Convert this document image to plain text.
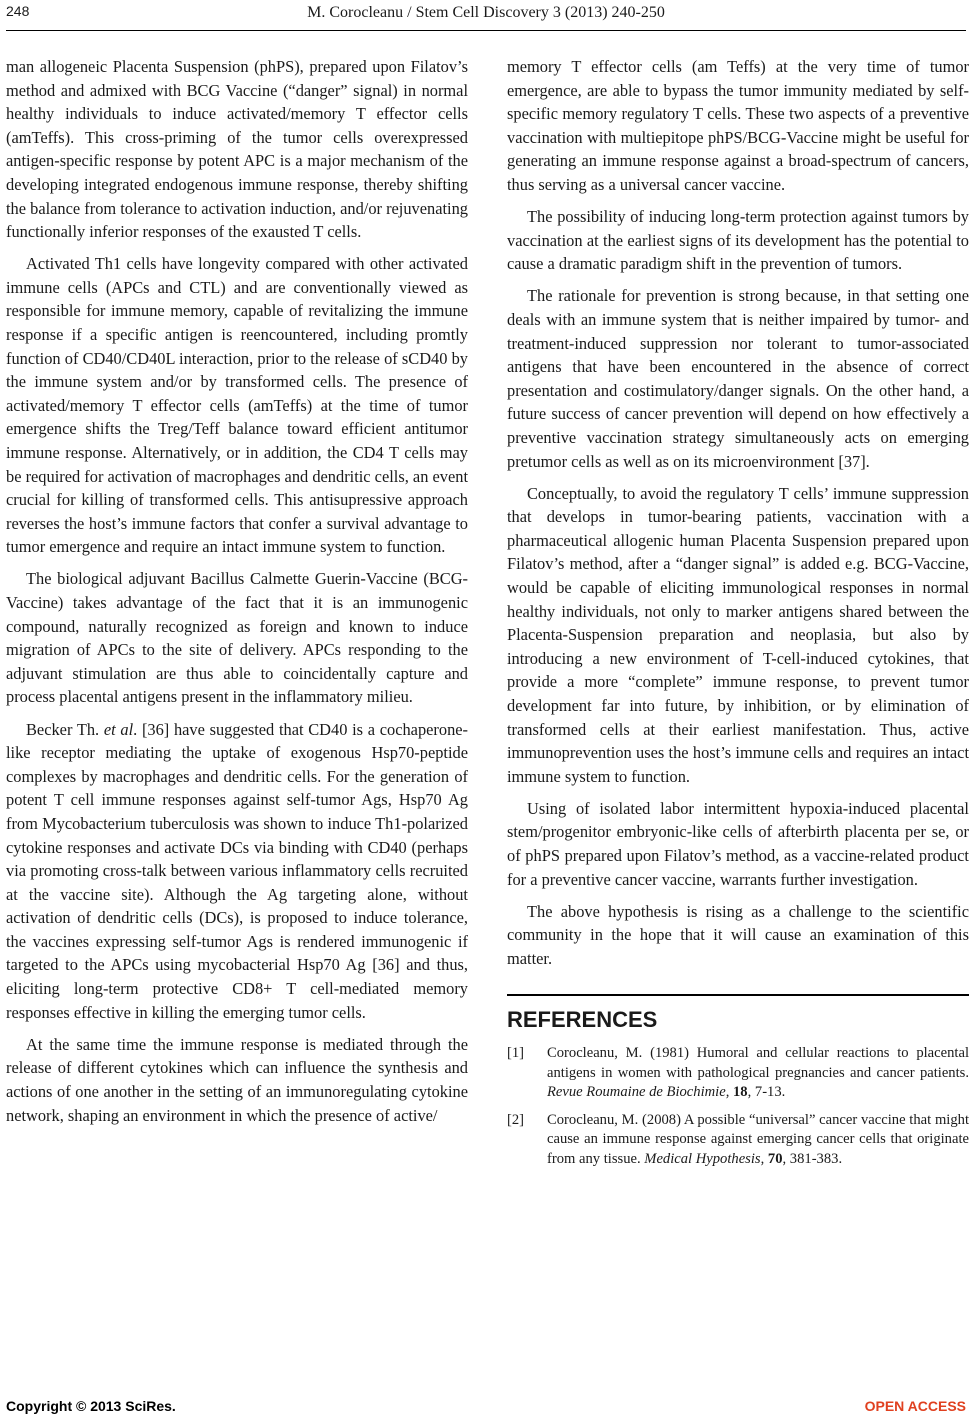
248	M. Corocleanu / Stem Cell Discovery 3 (2013) 240-250

man allogeneic Placenta Suspension (phPS), prepared upon Filatov’s method and admixed with BCG Vaccine (“danger” signal) in normal healthy individuals to induce activated/memory T effector cells (amTeffs). This cross-priming of the tumor cells overexpressed antigen-specific response by potent APC is a major mechanism of the developing integrated endogenous immune response, thereby shifting the balance from tolerance to activation induction, and/or rejuvenating functionally inferior responses of the exausted T cells.

Activated Th1 cells have longevity compared with other activated immune cells (APCs and CTL) and are conventionally viewed as responsible for immune memory, capable of revitalizing the immune response if a specific antigen is reencountered, including promtly function of CD40/CD40L interaction, prior to the release of sCD40 by the immune system and/or by transformed cells. The presence of activated/memory T effector cells (amTeffs) at the time of tumor emergence shifts the Treg/Teff balance toward efficient antitumor immune response. Alternatively, or in addition, the CD4 T cells may be required for activation of macrophages and dendritic cells, an event crucial for killing of transformed cells. This antisupressive approach reverses the host’s immune factors that confer a survival advantage to tumor emergence and require an intact immune system to function.

The biological adjuvant Bacillus Calmette Guerin-Vaccine (BCG-Vaccine) takes advantage of the fact that it is an immunogenic compound, naturally recognized as foreign and known to induce migration of APCs to the site of delivery. APCs responding to the adjuvant stimulation are thus able to coincidentally capture and process placental antigens present in the inflammatory milieu.

Becker Th. et al. [36] have suggested that CD40 is a cochaperone-like receptor mediating the uptake of exogenous Hsp70-peptide complexes by macrophages and dendritic cells. For the generation of potent T cell immune responses against self-tumor Ags, Hsp70 Ag from Mycobacterium tuberculosis was shown to induce Th1-polarized cytokine responses and activate DCs via binding with CD40 (perhaps via promoting cross-talk between various inflammatory cells recruited at the vaccine site). Although the Ag targeting alone, without activation of dendritic cells (DCs), is proposed to induce tolerance, the vaccines expressing self-tumor Ags is rendered immunogenic if targeted to the APCs using mycobacterial Hsp70 Ag [36] and thus, eliciting long-term protective CD8+ T cell-mediated memory responses effective in killing the emerging tumor cells.

At the same time the immune response is mediated through the release of different cytokines which can influence the synthesis and actions of one another in the setting of an immunoregulating cytokine network, shaping an environment in which the presence of active/

memory T effector cells (am Teffs) at the very time of tumor emergence, are able to bypass the tumor immunity mediated by self-specific memory regulatory T cells. These two aspects of a preventive vaccination with multiepitope phPS/BCG-Vaccine might be useful for generating an immune response against a broad-spectrum of cancers, thus serving as a universal cancer vaccine.

The possibility of inducing long-term protection against tumors by vaccination at the earliest signs of its development has the potential to cause a dramatic paradigm shift in the prevention of tumors.

The rationale for prevention is strong because, in that setting one deals with an immune system that is neither impaired by tumor- and treatment-induced suppression nor tolerant to tumor-associated antigens that have been encountered in the absence of correct presentation and costimulatory/danger signals. On the other hand, a future success of cancer prevention will depend on how effectively a preventive vaccination strategy simultaneously acts on emerging pretumor cells as well as on its microenvironment [37].

Conceptually, to avoid the regulatory T cells’ immune suppression that develops in tumor-bearing patients, vaccination with a pharmaceutical allogenic human Placenta Suspension prepared upon Filatov’s method, after a “danger signal” is added e.g. BCG-Vaccine, would be capable of eliciting immunological responses in normal healthy individuals, not only to marker antigens shared between the Placenta-Suspension preparation and neoplasia, but also by introducing a new environment of T-cell-induced cytokines, that provide a more “complete” immune response, to prevent tumor development far into future, by inhibition, or by elimination of transformed cells at their earliest manifestation. Thus, active immunoprevention uses the host’s immune cells and requires an intact immune system to function.

Using of isolated labor intermittent hypoxia-induced placental stem/progenitor embryonic-like cells of afterbirth placenta per se, or of phPS prepared upon Filatov’s method, as a vaccine-related product for a preventive cancer vaccine, warrants further investigation.

The above hypothesis is rising as a challenge to the scientific community in the hope that it will cause an examination of this matter.

REFERENCES
[1] Corocleanu, M. (1981) Humoral and cellular reactions to placental antigens in women with pathological pregnancies and cancer patients. Revue Roumaine de Biochimie, 18, 7-13.
[2] Corocleanu, M. (2008) A possible “universal” cancer vaccine that might cause an immune response against emerging cancer cells that originate from any tissue. Medical Hypothesis, 70, 381-383.
Copyright © 2013 SciRes.	OPEN ACCESS
